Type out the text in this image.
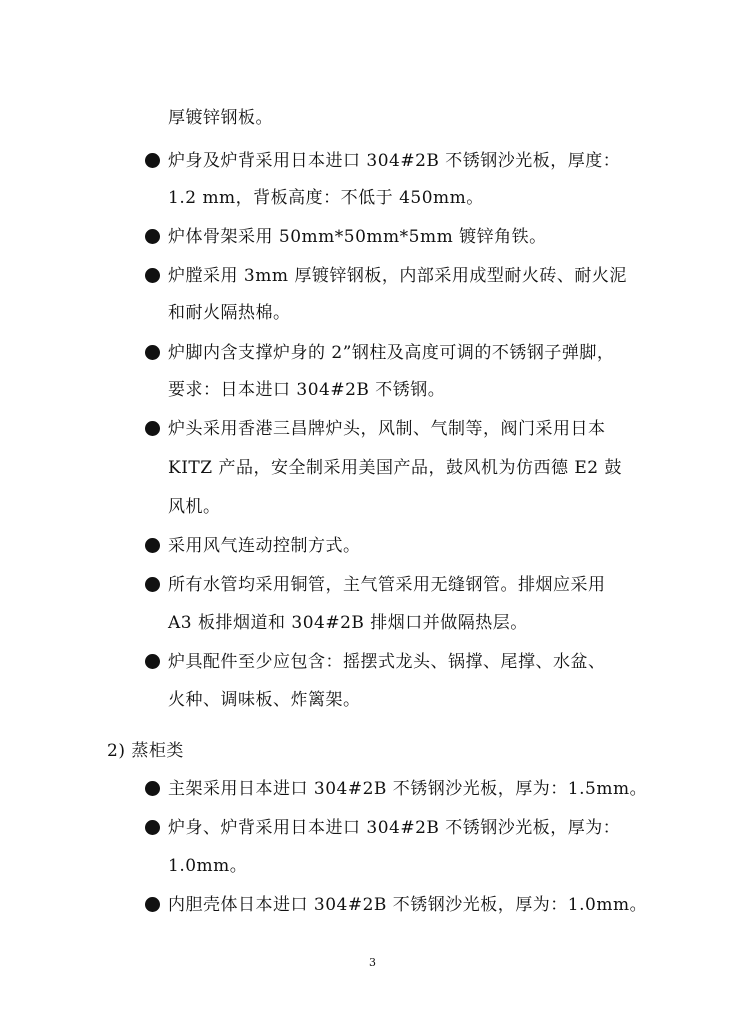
厚镀锌钢板。
炉身及炉背采用日本进口 304#2B 不锈钢沙光板，厚度：
1.2 mm，背板高度：不低于 450mm。
炉体骨架采用 50mm*50mm*5mm 镀锌角铁。
炉膛采用 3mm 厚镀锌钢板，内部采用成型耐火砖、耐火泥
和耐火隔热棉。
炉脚内含支撑炉身的 2”钢柱及高度可调的不锈钢子弹脚，
要求：日本进口 304#2B 不锈钢。
炉头采用香港三昌牌炉头，风制、气制等，阀门采用日本
KITZ 产品，安全制采用美国产品，鼓风机为仿西德 E2 鼓
风机。
采用风气连动控制方式。
所有水管均采用铜管，主气管采用无缝钢管。排烟应采用
A3 板排烟道和 304#2B 排烟口并做隔热层。
炉具配件至少应包含：摇摆式龙头、锅撑、尾撑、水盆、
火种、调味板、炸篱架。
2) 蒸柜类
主架采用日本进口 304#2B 不锈钢沙光板，厚为：1.5mm。
炉身、炉背采用日本进口 304#2B 不锈钢沙光板，厚为：
1.0mm。
内胆壳体日本进口 304#2B 不锈钢沙光板，厚为：1.0mm。
3
